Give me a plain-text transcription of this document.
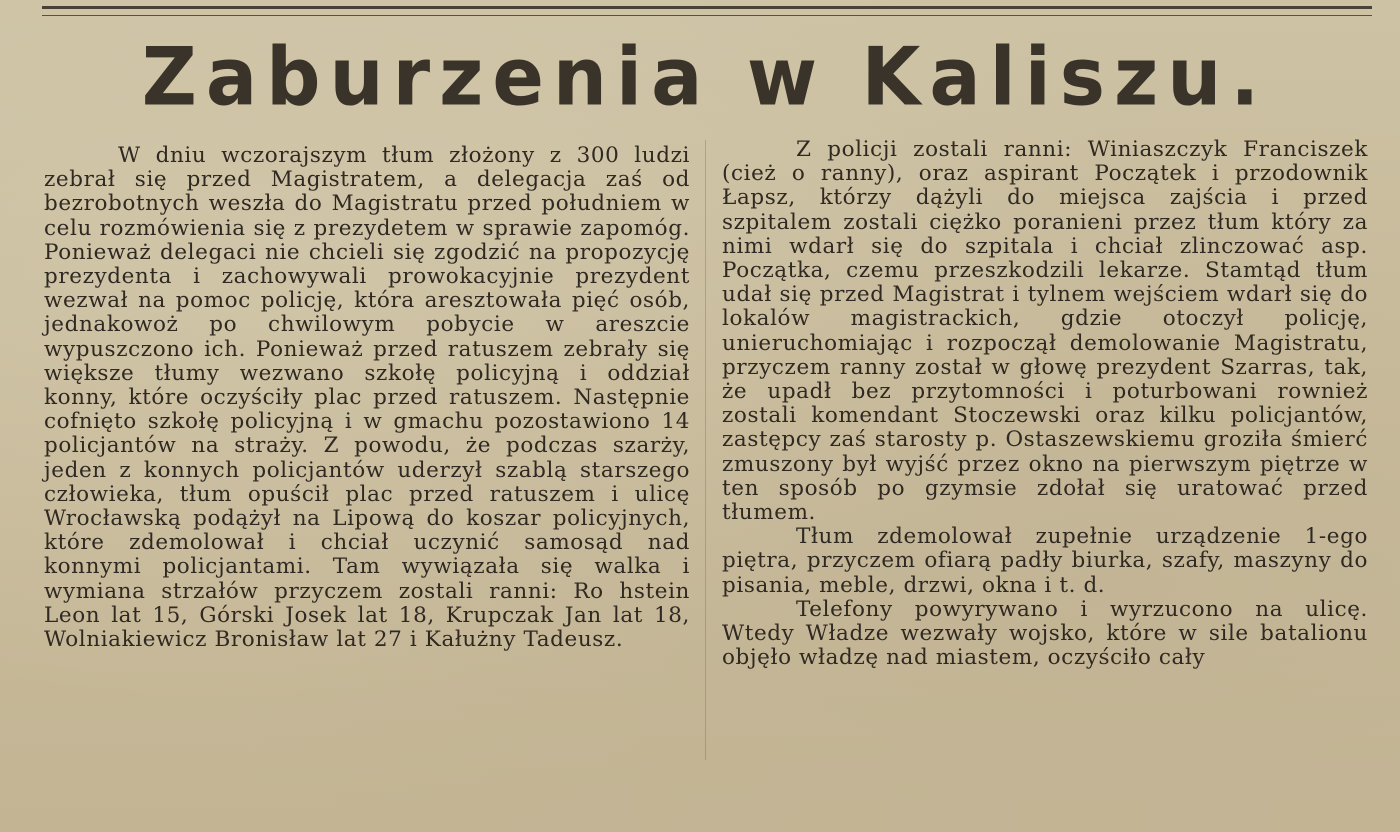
Zaburzenia w Kaliszu.

W dniu wczorajszym tłum złożony z 300 ludzi zebrał się przed Magistratem, a delegacja zaś od bezrobotnych weszła do Magistratu przed południem w celu rozmówienia się z prezydetem w sprawie zapomóg. Ponieważ delegaci nie chcieli się zgodzić na propozycję prezydenta i zachowywali prowokacyjnie prezydent wezwał na pomoc policję, która aresztowała pięć osób, jednakowoż po chwilowym pobycie w areszcie wypuszczono ich. Ponieważ przed ratuszem zebrały się większe tłumy wezwano szkołę policyjną i oddział konny, które oczyściły plac przed ratuszem. Następnie cofnięto szkołę policyjną i w gmachu pozostawiono 14 policjantów na straży. Z powodu, że podczas szarży, jeden z konnych policjantów uderzył szablą starszego człowieka, tłum opuścił plac przed ratuszem i ulicę Wrocławską podążył na Lipową do koszar policyjnych, które zdemolował i chciał uczynić samosąd nad konnymi policjantami. Tam wywiązała się walka i wymiana strzałów przyczem zostali ranni: Ro hstein Leon lat 15, Górski Josek lat 18, Krupczak Jan lat 18, Wolniakiewicz Bronisław lat 27 i Kałużny Tadeusz.

Z policji zostali ranni: Winiaszczyk Franciszek (cież o ranny), oraz aspirant Początek i przodownik Łapsz, którzy dążyli do miejsca zajścia i przed szpitalem zostali ciężko poranieni przez tłum który za nimi wdarł się do szpitala i chciał zlinczować asp. Początka, czemu przeszkodzili lekarze. Stamtąd tłum udał się przed Magistrat i tylnem wejściem wdarł się do lokalów magistrackich, gdzie otoczył policję, unieruchomiając i rozpoczął demolowanie Magistratu, przyczem ranny został w głowę prezydent Szarras, tak, że upadł bez przytomności i poturbowani rownież zostali komendant Stoczewski oraz kilku policjantów, zastępcy zaś starosty p. Ostaszewskiemu groziła śmierć zmuszony był wyjść przez okno na pierwszym piętrze w ten sposób po gzymsie zdołał się uratować przed tłumem.

Tłum zdemolował zupełnie urządzenie 1-ego piętra, przyczem ofiarą padły biurka, szafy, maszyny do pisania, meble, drzwi, okna i t. d.

Telefony powyrywano i wyrzucono na ulicę. Wtedy Władze wezwały wojsko, które w sile batalionu objęło władzę nad miastem, oczyściło cały
